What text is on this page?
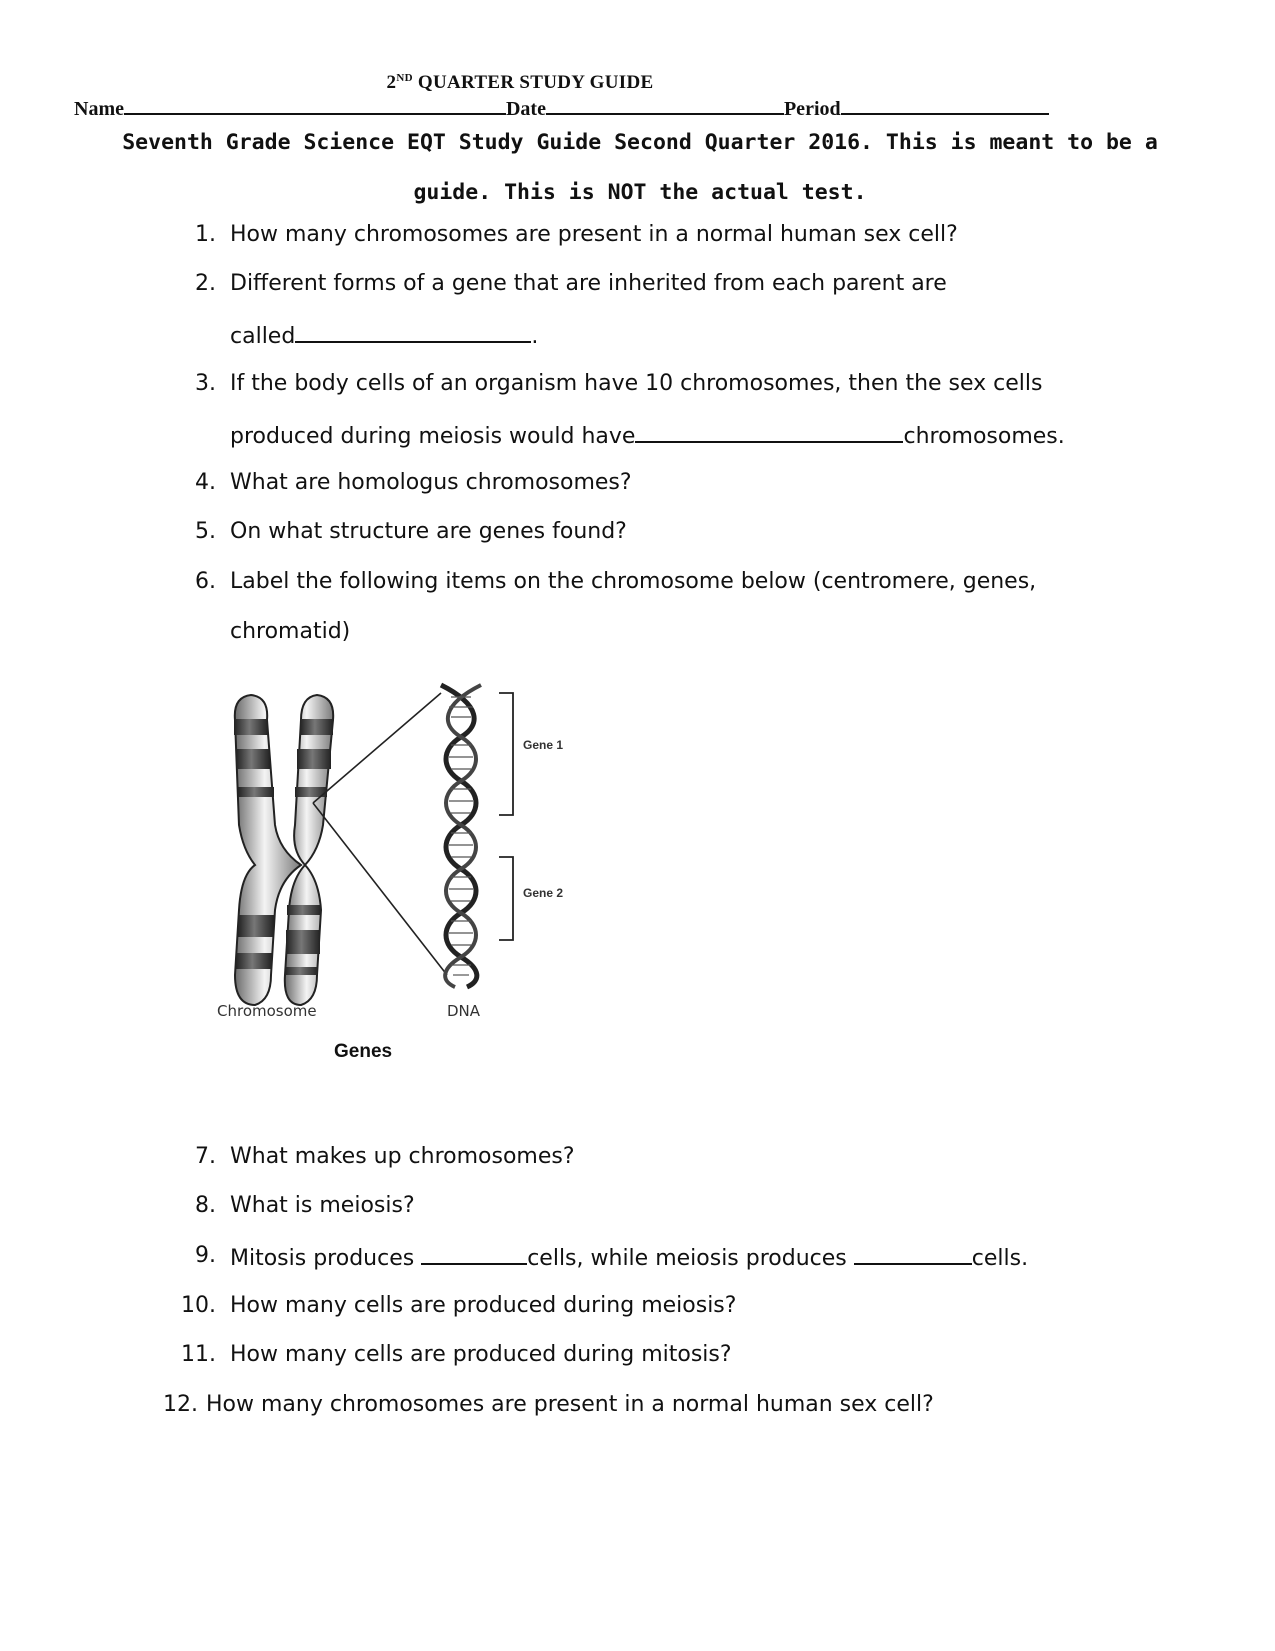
2ND QUARTER STUDY GUIDE
Name	Date	Period
Seventh Grade Science EQT Study Guide Second Quarter 2016. This is meant to be a
guide. This is NOT the actual test.
1. How many chromosomes are present in a normal human sex cell?
2. Different forms of a gene that are inherited from each parent are
called	.
3. If the body cells of an organism have 10 chromosomes, then the sex cells
produced during meiosis would have	chromosomes.
4. What are homologus chromosomes?
5. On what structure are genes found?
6. Label the following items on the chromosome below (centromere, genes,
chromatid)
Gene 1
Gene 2
Chromosome	DNA
Genes
7. What makes up chromosomes?
8. What is meiosis?
9. Mitosis produces	cells, while meiosis produces	cells.
10. How many cells are produced during meiosis?
11. How many cells are produced during mitosis?
12. How many chromosomes are present in a normal human sex cell?
